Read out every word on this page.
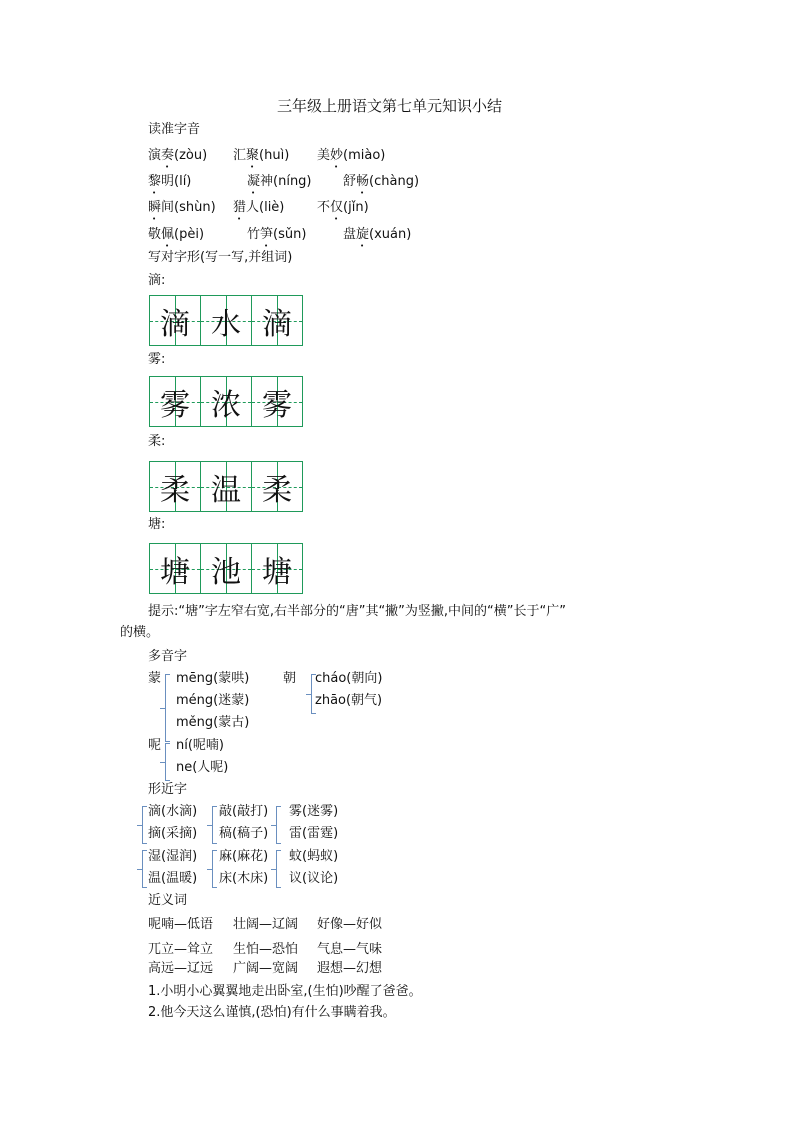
三年级上册语文第七单元知识小结
读准字音
演奏(zòu) 汇聚(huì) 美妙(miào)
黎明(lí)	凝神(níng) 舒畅(chàng)
瞬间(shùn) 猎人(liè)	不仅(jǐn)
敬佩(pèi)	竹笋(sǔn)	盘旋(xuán)
写对字形(写一写,并组词)
滴:
滴 水 滴
雾:
雾 浓 雾
柔:
柔 温 柔
塘:
塘 池 塘
提示:“塘”字左窄右宽,右半部分的“唐”其“撇”为竖撇,中间的“横”长于“广”
的横。
多音字
蒙 mēng(蒙哄)
méng(迷蒙)
měng(蒙古)
朝 cháo(朝向)
zhāo(朝气)
呢 ní(呢喃)
ne(人呢)
形近字
滴(水滴) 敲(敲打) 雾(迷雾)
摘(采摘) 稿(稿子) 雷(雷霆)
湿(湿润) 麻(麻花) 蚊(蚂蚁)
温(温暖) 床(木床) 议(议论)
近义词
呢喃—低语 壮阔—辽阔 好像—好似
兀立—耸立 生怕—恐怕 气息—气味
高远—辽远 广阔—宽阔 遐想—幻想
1.小明小心翼翼地走出卧室,(生怕)吵醒了爸爸。
2.他今天这么谨慎,(恐怕)有什么事瞒着我。
